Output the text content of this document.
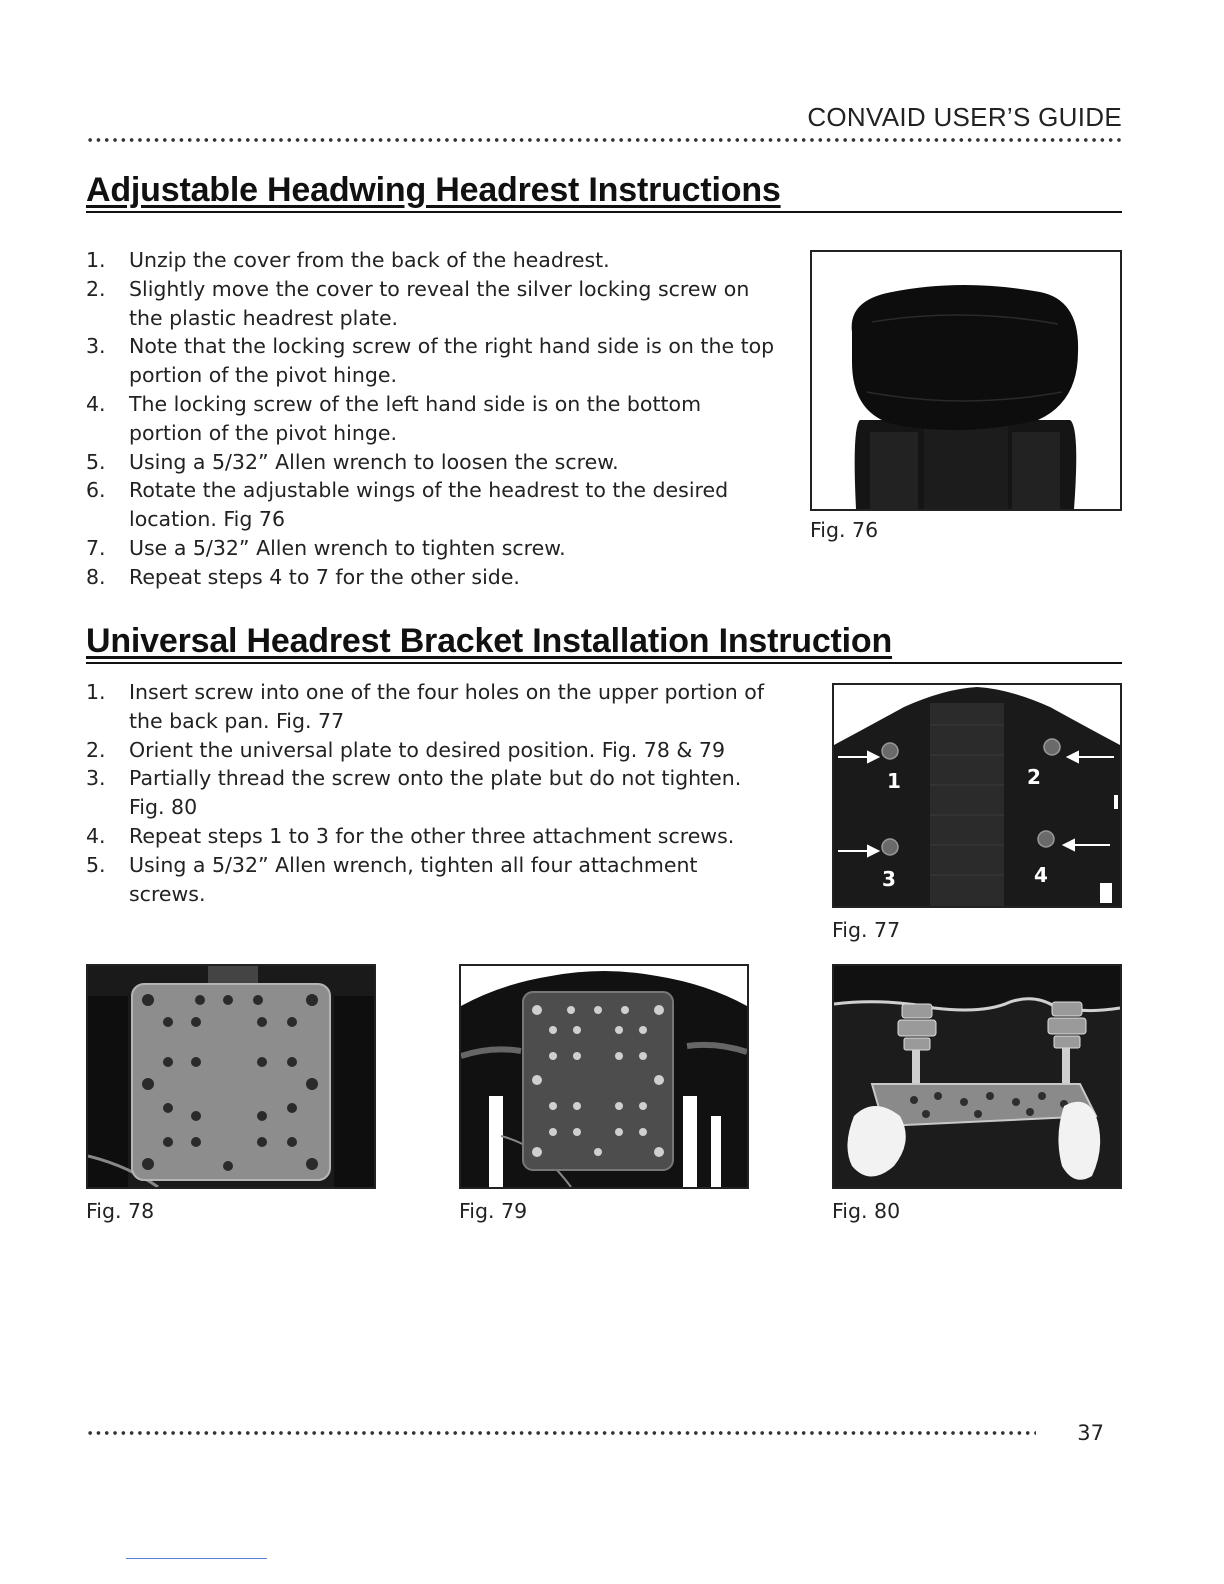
CONVAID USER’S GUIDE
Adjustable Headwing Headrest Instructions
1. Unzip the cover from the back of the headrest.
2. Slightly move the cover to reveal the silver locking screw on the plastic headrest plate.
3. Note that the locking screw of the right hand side is on the top portion of the pivot hinge.
4. The locking screw of the left hand side is on the bottom portion of the pivot hinge.
5. Using a 5/32” Allen wrench to loosen the screw.
6. Rotate the adjustable wings of the headrest to the desired location. Fig 76
7. Use a 5/32” Allen wrench to tighten screw.
8. Repeat steps 4 to 7 for the other side.
Fig. 76
Universal Headrest Bracket Installation Instruction
1. Insert screw into one of the four holes on the upper portion of the back pan. Fig. 77
2. Orient the universal plate to desired position. Fig. 78 & 79
3. Partially thread the screw onto the plate but do not tighten. Fig. 80
4. Repeat steps 1 to 3 for the other three attachment screws.
5. Using a 5/32” Allen wrench, tighten all four attachment screws.
1	2
3	4
Fig. 77
Fig. 78	Fig. 79	Fig. 80
37
